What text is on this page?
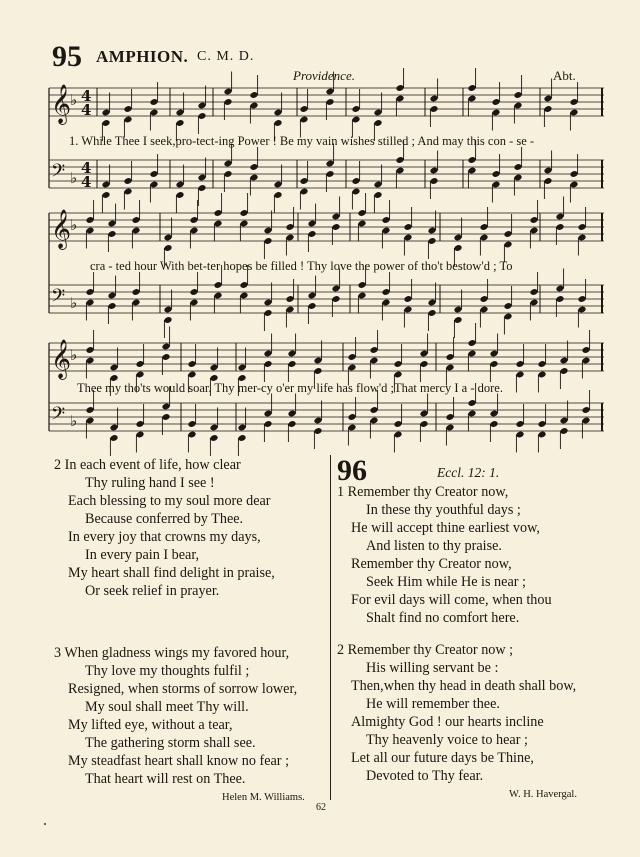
95 AMPHION. C. M. D.
Providence.	Abt.
𝄞
♭ 4
4
𝄢 ♭
4
4
𝄞
♭
𝄢 ♭
𝄞
♭
𝄢 ♭
1. While Thee I seek,pro-tect-ing Power ! Be my vain wishes stilled ; And may this con - se -
cra - ted hour With bet-ter hopes be filled ! Thy love the power of tho't bestow'd ; To
Thee my tho'ts would soar. Thy mer-cy o'er my life has flow'd ;That mercy I a - dore.
2 In each event of life, how clear
Thy ruling hand I see !
Each blessing to my soul more dear
Because conferred by Thee.
In every joy that crowns my days,
In every pain I bear,
My heart shall find delight in praise,
Or seek relief in prayer.
3 When gladness wings my favored hour,
Thy love my thoughts fulfil ;
Resigned, when storms of sorrow lower,
My soul shall meet Thy will.
My lifted eye, without a tear,
The gathering storm shall see.
My steadfast heart shall know no fear ;
That heart will rest on Thee.
Helen M. Williams.
96	Eccl. 12: 1.
1 Remember thy Creator now,
In these thy youthful days ;
He will accept thine earliest vow,
And listen to thy praise.
Remember thy Creator now,
Seek Him while He is near ;
For evil days will come, when thou
Shalt find no comfort here.
2 Remember thy Creator now ;
His willing servant be :
Then,when thy head in death shall bow,
He will remember thee.
Almighty God ! our hearts incline
Thy heavenly voice to hear ;
Let all our future days be Thine,
Devoted to Thy fear.
W. H. Havergal.
62
